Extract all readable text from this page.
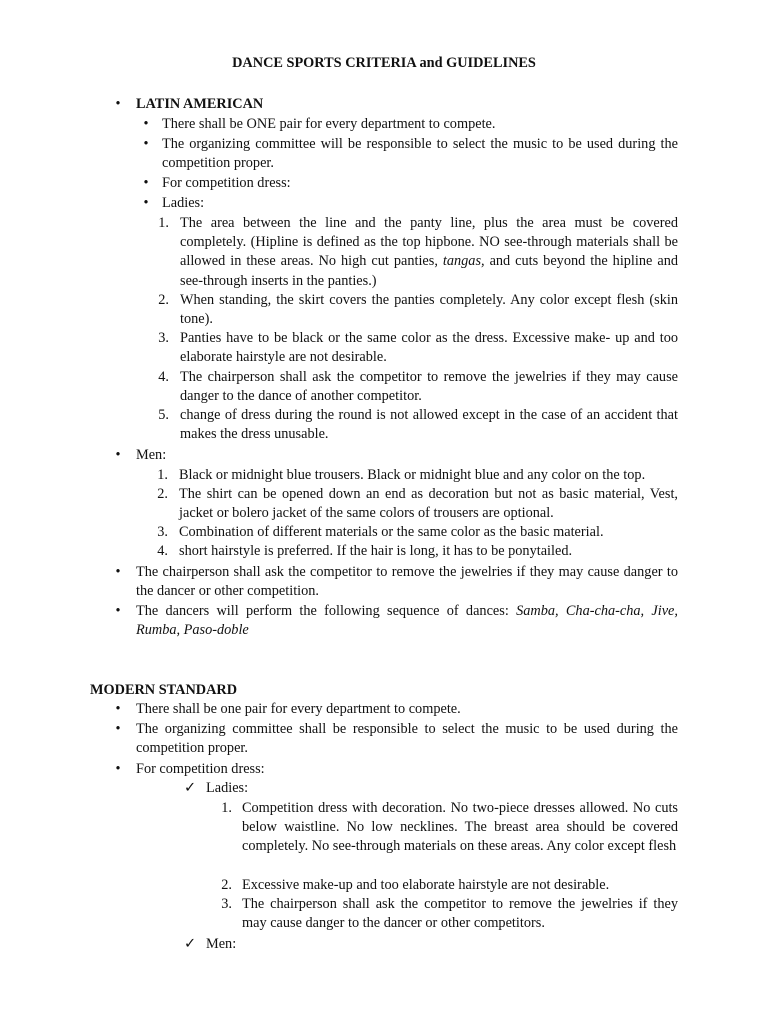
DANCE SPORTS CRITERIA and GUIDELINES
• LATIN AMERICAN
• There shall be ONE pair for every department to compete.
• The organizing committee will be responsible to select the music to be used during the competition proper.
• For competition dress:
• Ladies:
1. The area between the line and the panty line, plus the area must be covered completely. (Hipline is defined as the top hipbone. NO see-through materials shall be allowed in these areas. No high cut panties, tangas, and cuts beyond the hipline and see-through inserts in the panties.)
2. When standing, the skirt covers the panties completely. Any color except flesh (skin tone).
3. Panties have to be black or the same color as the dress. Excessive make- up and too elaborate hairstyle are not desirable.
4. The chairperson shall ask the competitor to remove the jewelries if they may cause danger to the dance of another competitor.
5. change of dress during the round is not allowed except in the case of an accident that makes the dress unusable.
• Men:
1. Black or midnight blue trousers. Black or midnight blue and any color on the top.
2. The shirt can be opened down an end as decoration but not as basic material, Vest, jacket or bolero jacket of the same colors of trousers are optional.
3. Combination of different materials or the same color as the basic material.
4. short hairstyle is preferred. If the hair is long, it has to be ponytailed.
• The chairperson shall ask the competitor to remove the jewelries if they may cause danger to the dancer or other competition.
• The dancers will perform the following sequence of dances: Samba, Cha-cha-cha, Jive, Rumba, Paso-doble
MODERN STANDARD
• There shall be one pair for every department to compete.
• The organizing committee shall be responsible to select the music to be used during the competition proper.
• For competition dress:
✓ Ladies:
1. Competition dress with decoration. No two-piece dresses allowed. No cuts below waistline. No low necklines. The breast area should be covered completely. No see-through materials on these areas. Any color except flesh
2. Excessive make-up and too elaborate hairstyle are not desirable.
3. The chairperson shall ask the competitor to remove the jewelries if they may cause danger to the dancer or other competitors.
✓ Men:
